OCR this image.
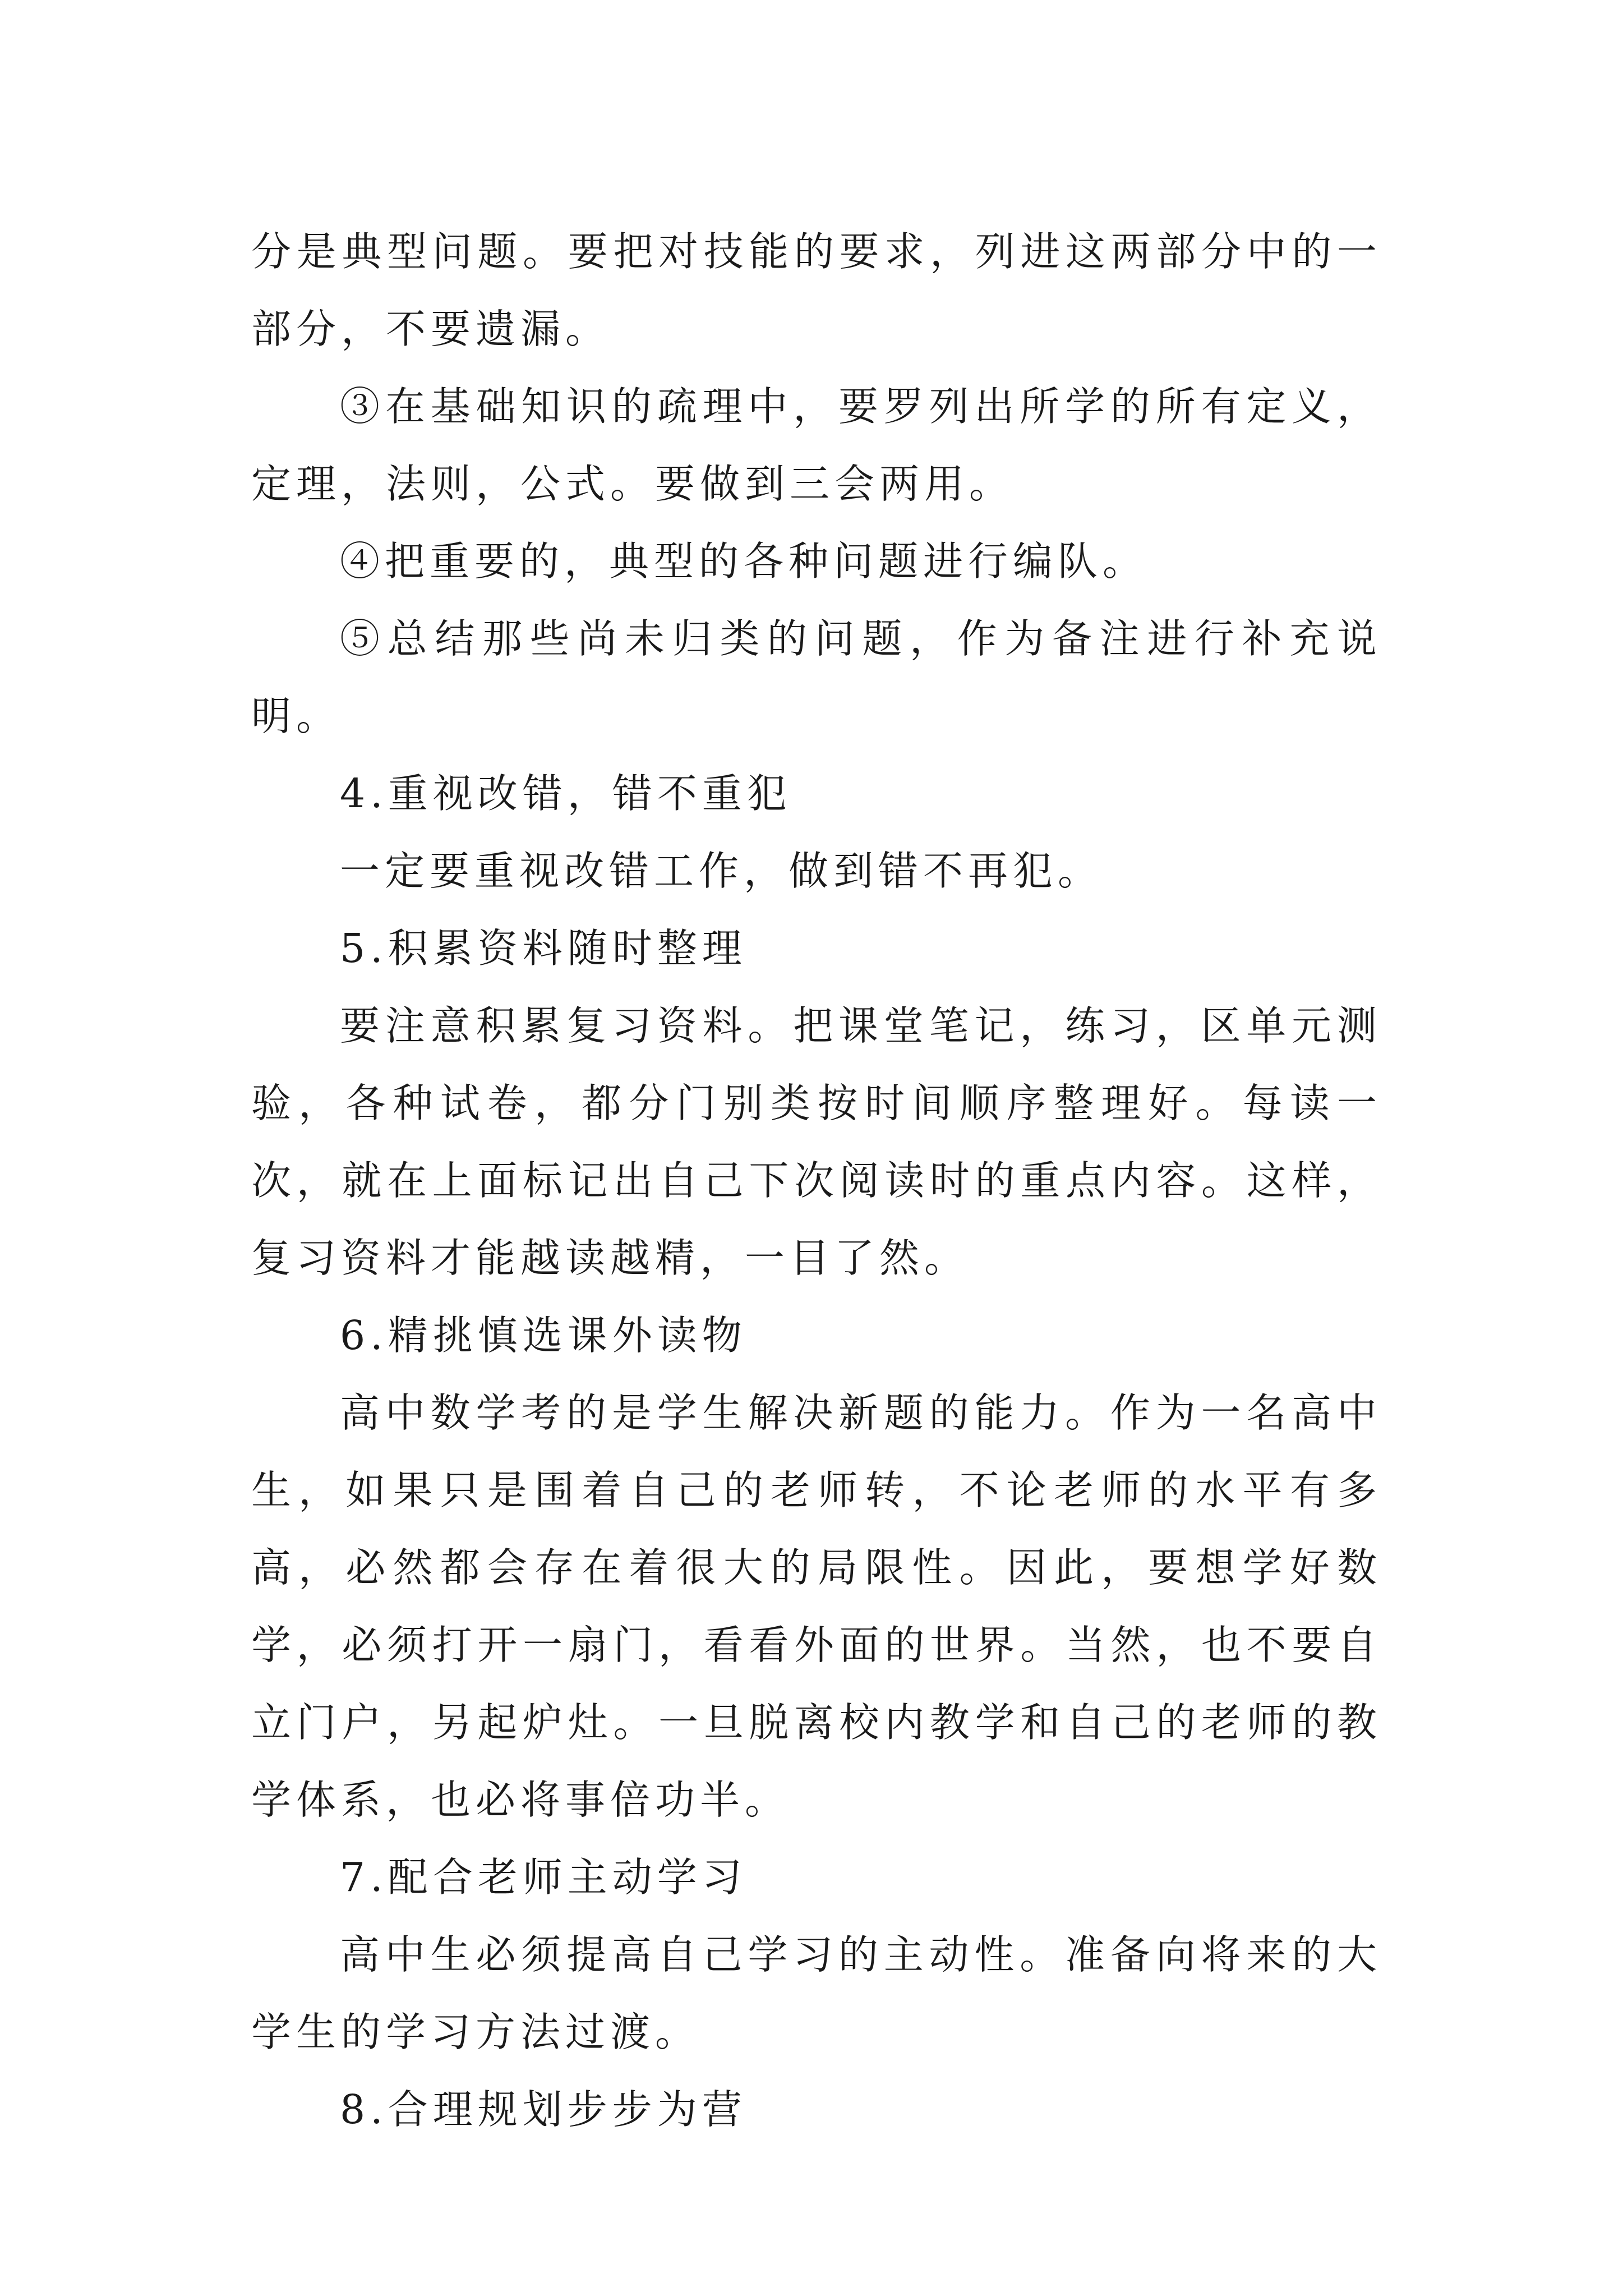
分是典型问题。要把对技能的要求，列进这两部分中的一部分，不要遗漏。

③在基础知识的疏理中，要罗列出所学的所有定义，定理，法则，公式。要做到三会两用。

④把重要的，典型的各种问题进行编队。

⑤总结那些尚未归类的问题，作为备注进行补充说明。

4.重视改错，错不重犯

一定要重视改错工作，做到错不再犯。

5.积累资料随时整理

要注意积累复习资料。把课堂笔记，练习，区单元测验，各种试卷，都分门别类按时间顺序整理好。每读一次，就在上面标记出自己下次阅读时的重点内容。这样，复习资料才能越读越精，一目了然。

6.精挑慎选课外读物

高中数学考的是学生解决新题的能力。作为一名高中生，如果只是围着自己的老师转，不论老师的水平有多高，必然都会存在着很大的局限性。因此，要想学好数学，必须打开一扇门，看看外面的世界。当然，也不要自立门户，另起炉灶。一旦脱离校内教学和自己的老师的教学体系，也必将事倍功半。

7.配合老师主动学习

高中生必须提高自己学习的主动性。准备向将来的大学生的学习方法过渡。

8.合理规划步步为营
